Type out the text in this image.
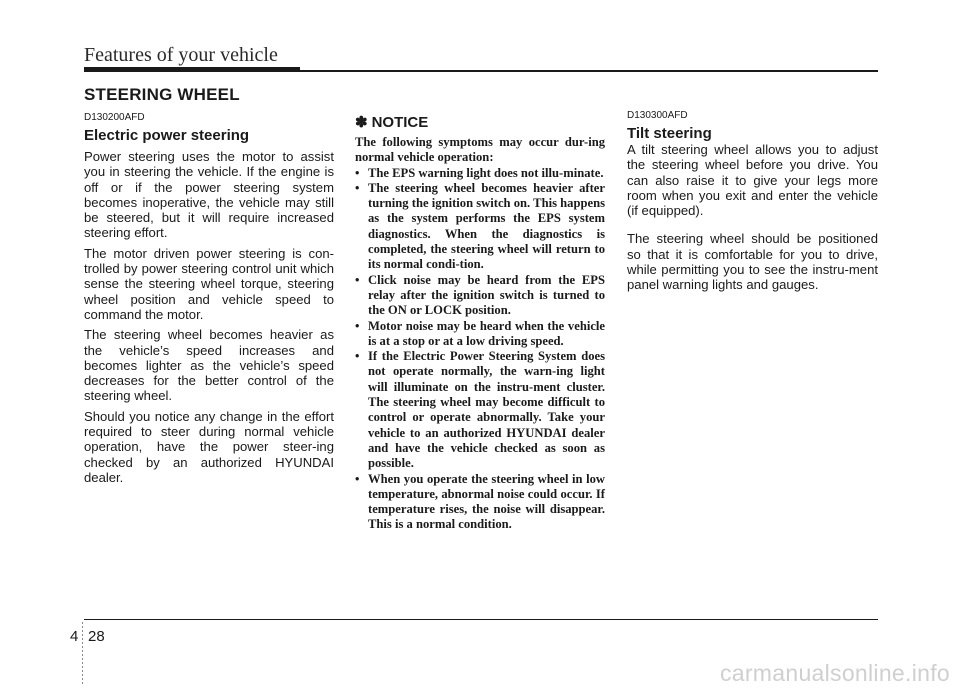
Features of your vehicle
STEERING WHEEL
D130200AFD
Electric power steering

Power steering uses the motor to assist you in steering the vehicle. If the engine is off or if the power steering system becomes inoperative, the vehicle may still be steered, but it will require increased steering effort.

The motor driven power steering is con-trolled by power steering control unit which sense the steering wheel torque, steering wheel position and vehicle speed to command the motor.

The steering wheel becomes heavier as the vehicle’s speed increases and becomes lighter as the vehicle’s speed decreases for the better control of the steering wheel.

Should you notice any change in the effort required to steer during normal vehicle operation, have the power steer-ing checked by an authorized HYUNDAI dealer.

✽ NOTICE

The following symptoms may occur dur-ing normal vehicle operation:

• The EPS warning light does not illu-minate.
• The steering wheel becomes heavier after turning the ignition switch on. This happens as the system performs the EPS system diagnostics. When the diagnostics is completed, the steering wheel will return to its normal condi-tion.
• Click noise may be heard from the EPS relay after the ignition switch is turned to the ON or LOCK position.
• Motor noise may be heard when the vehicle is at a stop or at a low driving speed.
• If the Electric Power Steering System does not operate normally, the warn-ing light will illuminate on the instru-ment cluster. The steering wheel may become difficult to control or operate abnormally. Take your vehicle to an authorized HYUNDAI dealer and have the vehicle checked as soon as possible.
• When you operate the steering wheel in low temperature, abnormal noise could occur. If temperature rises, the noise will disappear. This is a normal condition.
D130300AFD
Tilt steering

A tilt steering wheel allows you to adjust the steering wheel before you drive. You can also raise it to give your legs more room when you exit and enter the vehicle (if equipped).

The steering wheel should be positioned so that it is comfortable for you to drive, while permitting you to see the instru-ment panel warning lights and gauges.

4 28
carmanualsonline.info
